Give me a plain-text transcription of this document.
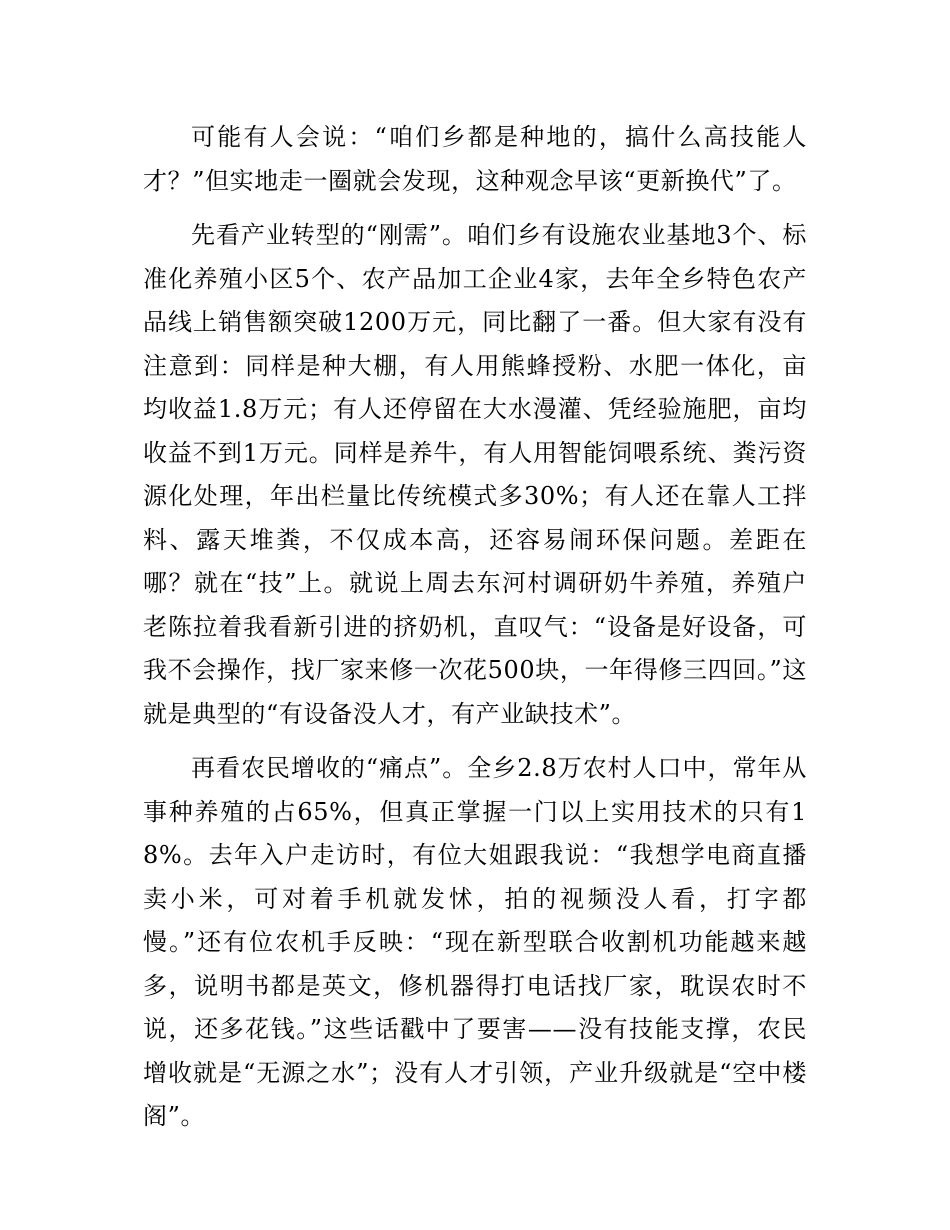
可能有人会说：“咱们乡都是种地的，搞什么高技能人才？”但实地走一圈就会发现，这种观念早该“更新换代”了。

先看产业转型的“刚需”。咱们乡有设施农业基地3个、标准化养殖小区5个、农产品加工企业4家，去年全乡特色农产品线上销售额突破1200万元，同比翻了一番。但大家有没有注意到：同样是种大棚，有人用熊蜂授粉、水肥一体化，亩均收益1.8万元；有人还停留在大水漫灌、凭经验施肥，亩均收益不到1万元。同样是养牛，有人用智能饲喂系统、粪污资源化处理，年出栏量比传统模式多30%；有人还在靠人工拌料、露天堆粪，不仅成本高，还容易闹环保问题。差距在哪？就在“技”上。就说上周去东河村调研奶牛养殖，养殖户老陈拉着我看新引进的挤奶机，直叹气：“设备是好设备，可我不会操作，找厂家来修一次花500块，一年得修三四回。”这就是典型的“有设备没人才，有产业缺技术”。

再看农民增收的“痛点”。全乡2.8万农村人口中，常年从事种养殖的占65%，但真正掌握一门以上实用技术的只有18%。去年入户走访时，有位大姐跟我说：“我想学电商直播卖小米，可对着手机就发怵，拍的视频没人看，打字都慢。”还有位农机手反映：“现在新型联合收割机功能越来越多，说明书都是英文，修机器得打电话找厂家，耽误农时不说，还多花钱。”这些话戳中了要害——没有技能支撑，农民增收就是“无源之水”；没有人才引领，产业升级就是“空中楼阁”。
